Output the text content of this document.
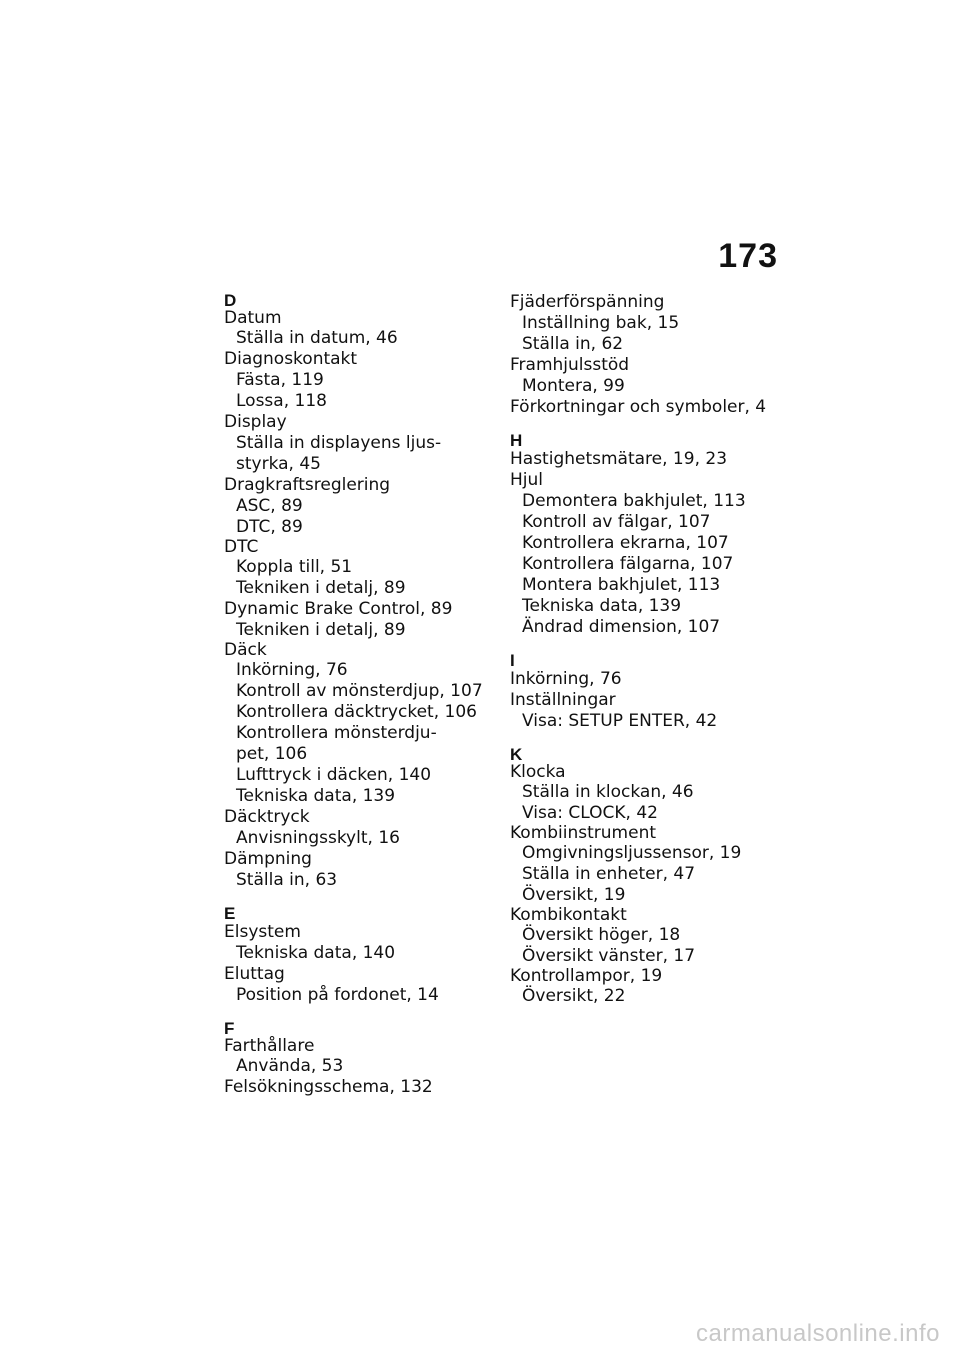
173
D
Datum
Ställa in datum, 46
Diagnoskontakt
Fästa, 119
Lossa, 118
Display
Ställa in displayens ljus-
styrka, 45
Dragkraftsreglering
ASC, 89
DTC, 89
DTC
Koppla till, 51
Tekniken i detalj, 89
Dynamic Brake Control, 89
Tekniken i detalj, 89
Däck
Inkörning, 76
Kontroll av mönsterdjup, 107
Kontrollera däcktrycket, 106
Kontrollera mönsterdju-
pet, 106
Lufttryck i däcken, 140
Tekniska data, 139
Däcktryck
Anvisningsskylt, 16
Dämpning
Ställa in, 63
E
Elsystem
Tekniska data, 140
Eluttag
Position på fordonet, 14
F
Farthållare
Använda, 53
Felsökningsschema, 132
Fjäderförspänning
Inställning bak, 15
Ställa in, 62
Framhjulsstöd
Montera, 99
Förkortningar och symboler, 4
H
Hastighetsmätare, 19, 23
Hjul
Demontera bakhjulet, 113
Kontroll av fälgar, 107
Kontrollera ekrarna, 107
Kontrollera fälgarna, 107
Montera bakhjulet, 113
Tekniska data, 139
Ändrad dimension, 107
I
Inkörning, 76
Inställningar
Visa: SETUP ENTER, 42
K
Klocka
Ställa in klockan, 46
Visa: CLOCK, 42
Kombiinstrument
Omgivningsljussensor, 19
Ställa in enheter, 47
Översikt, 19
Kombikontakt
Översikt höger, 18
Översikt vänster, 17
Kontrollampor, 19
Översikt, 22
carmanualsonline.info
